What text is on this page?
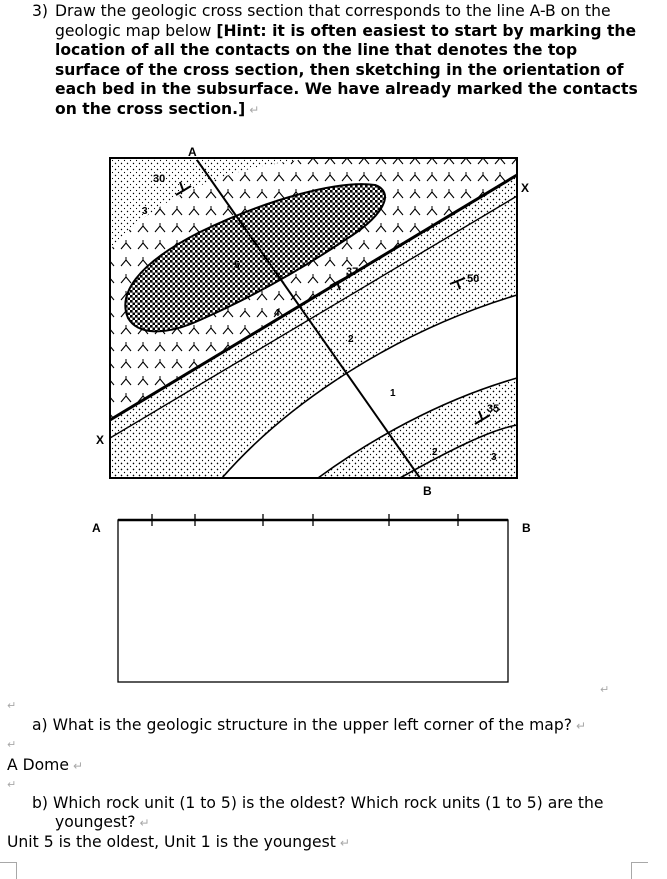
3) Draw the geologic cross section that corresponds to the line A-B on the geologic map below [Hint: it is often easiest to start by marking the location of all the contacts on the line that denotes the top surface of the cross section, then sketching in the orientation of each bed in the subsurface. We have already marked the contacts on the cross section.] ↵
A
B
X
X
1
2
2
3
3
4
5
30
37
50
35
A	B
↵
↵
a) What is the geologic structure in the upper left corner of the map? ↵
↵
A Dome ↵
↵
b) Which rock unit (1 to 5) is the oldest? Which rock units (1 to 5) are the youngest? ↵
Unit 5 is the oldest, Unit 1 is the youngest ↵
